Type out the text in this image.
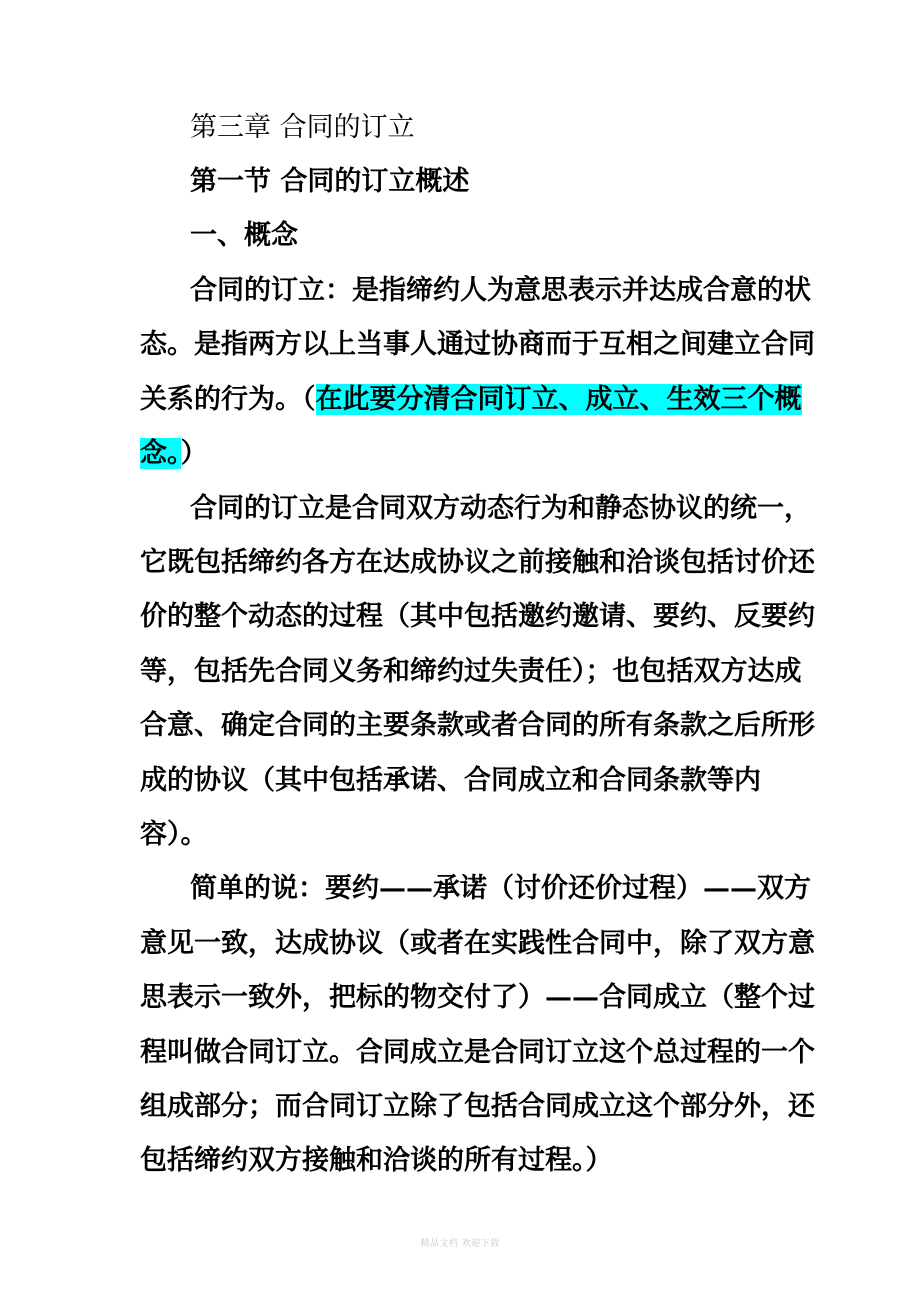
第三章 合同的订立
第一节 合同的订立概述
一、概念
合同的订立：是指缔约人为意思表示并达成合意的状
态。是指两方以上当事人通过协商而于互相之间建立合同
关系的行为。（在此要分清合同订立、成立、生效三个概
念。）
合同的订立是合同双方动态行为和静态协议的统一，
它既包括缔约各方在达成协议之前接触和洽谈包括讨价还
价的整个动态的过程（其中包括邀约邀请、要约、反要约
等，包括先合同义务和缔约过失责任）；也包括双方达成
合意、确定合同的主要条款或者合同的所有条款之后所形
成的协议（其中包括承诺、合同成立和合同条款等内
容）。
简单的说：要约——承诺（讨价还价过程）——双方
意见一致，达成协议（或者在实践性合同中，除了双方意
思表示一致外，把标的物交付了）——合同成立（整个过
程叫做合同订立。合同成立是合同订立这个总过程的一个
组成部分；而合同订立除了包括合同成立这个部分外，还
包括缔约双方接触和洽谈的所有过程。）
精品文档 欢迎下载
